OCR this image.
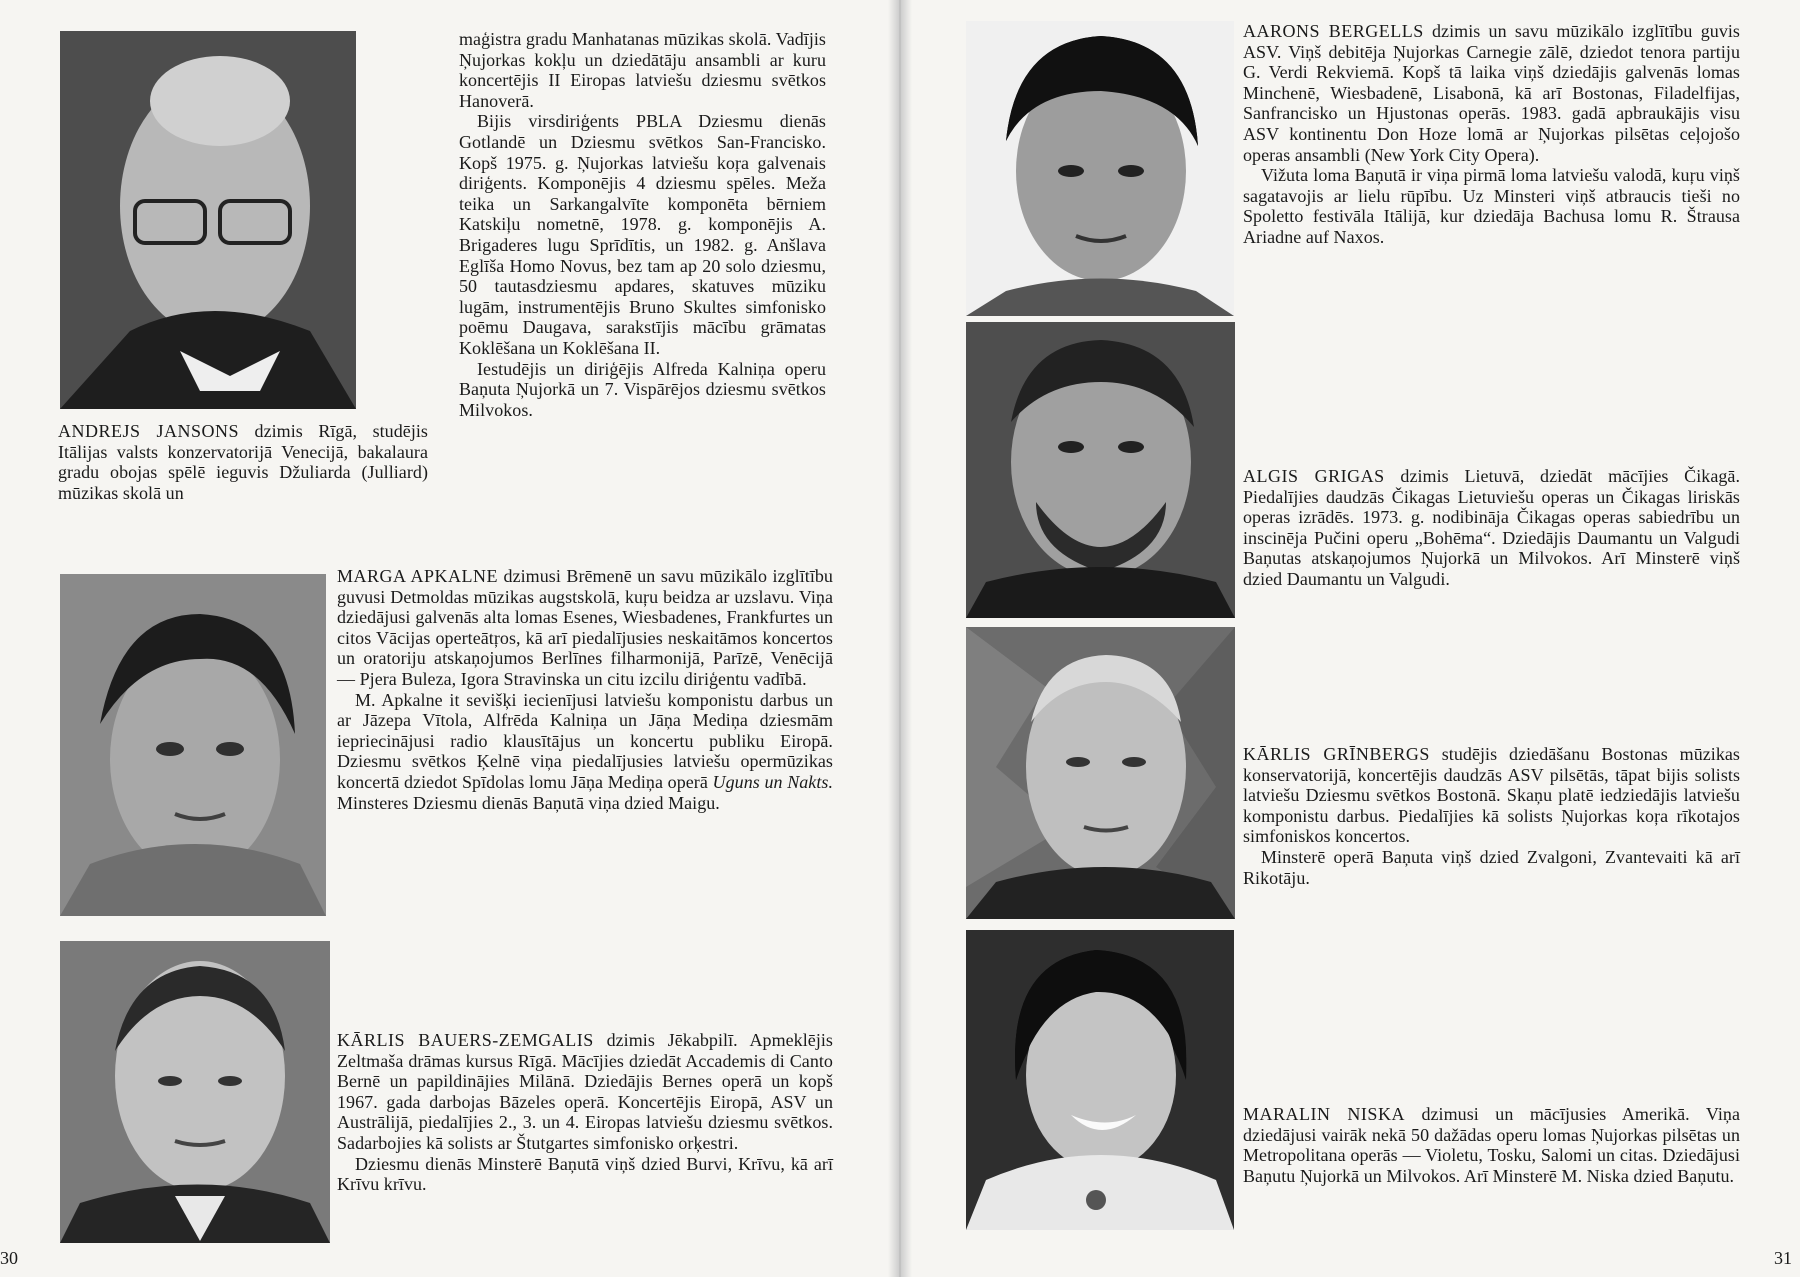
ANDREJS JANSONS dzimis Rīgā, studējis Itālijas valsts konzervatorijā Venecijā, bakalaura gradu obojas spēlē ieguvis Džuliarda (Julliard) mūzikas skolā un

maģistra gradu Manhatanas mūzikas skolā. Vadījis Ņujorkas kokļu un dziedātāju ansambli ar kuru koncertējis II Eiropas latviešu dziesmu svētkos Hanoverā.

Bijis virsdiriģents PBLA Dziesmu dienās Gotlandē un Dziesmu svētkos San-Francisko. Kopš 1975. g. Ņujorkas latviešu koŗa galvenais diriģents. Komponējis 4 dziesmu spēles. Meža teika un Sarkangalvīte komponēta bērniem Katskiļu nometnē, 1978. g. komponējis A. Brigaderes lugu Sprīdītis, un 1982. g. Anšlava Eglīša Homo Novus, bez tam ap 20 solo dziesmu, 50 tautasdziesmu apdares, skatuves mūziku lugām, instrumentējis Bruno Skultes simfonisko poēmu Daugava, sarakstījis mācību grāmatas Koklēšana un Koklēšana II.

Iestudējis un diriģējis Alfreda Kalniņa operu Baņuta Ņujorkā un 7. Vispārējos dziesmu svētkos Milvokos.

MARGA APKALNE dzimusi Brēmenē un savu mūzikālo izglītību guvusi Detmoldas mūzikas augstskolā, kuŗu beidza ar uzslavu. Viņa dziedājusi galvenās alta lomas Esenes, Wiesbadenes, Frankfurtes un citos Vācijas operteātŗos, kā arī piedalījusies neskaitāmos koncertos un oratoriju atskaņojumos Berlīnes filharmonijā, Parīzē, Venēcijā — Pjera Buleza, Igora Stravinska un citu izcilu diriģentu vadībā.

M. Apkalne it sevišķi iecienījusi latviešu komponistu darbus un ar Jāzepa Vītola, Alfrēda Kalniņa un Jāņa Mediņa dziesmām iepriecinājusi radio klausītājus un koncertu publiku Eiropā. Dziesmu svētkos Ķelnē viņa piedalījusies latviešu opermūzikas koncertā dziedot Spīdolas lomu Jāņa Mediņa operā Uguns un Nakts. Minsteres Dziesmu dienās Baņutā viņa dzied Maigu.

KĀRLIS BAUERS-ZEMGALIS dzimis Jēkabpilī. Apmeklējis Zeltmaša drāmas kursus Rīgā. Mācījies dziedāt Accademis di Canto Bernē un papildinājies Milānā. Dziedājis Bernes operā un kopš 1967. gada darbojas Bāzeles operā. Koncertējis Eiropā, ASV un Austrālijā, piedalījies 2., 3. un 4. Eiropas latviešu dziesmu svētkos. Sadarbojies kā solists ar Štutgartes simfonisko orķestri.

Dziesmu dienās Minsterē Baņutā viņš dzied Burvi, Krīvu, kā arī Krīvu krīvu.

30

AARONS BERGELLS dzimis un savu mūzikālo izglītību guvis ASV. Viņš debitēja Ņujorkas Carnegie zālē, dziedot tenora partiju G. Verdi Rekviemā. Kopš tā laika viņš dziedājis galvenās lomas Minchenē, Wiesbadenē, Lisabonā, kā arī Bostonas, Filadelfijas, Sanfrancisko un Hjustonas operās. 1983. gadā apbraukājis visu ASV kontinentu Don Hoze lomā ar Ņujorkas pilsētas ceļojošo operas ansambli (New York City Opera).

Vižuta loma Baņutā ir viņa pirmā loma latviešu valodā, kuŗu viņš sagatavojis ar lielu rūpību. Uz Minsteri viņš atbraucis tieši no Spoletto festivāla Itālijā, kur dziedāja Bachusa lomu R. Štrausa Ariadne auf Naxos.

ALGIS GRIGAS dzimis Lietuvā, dziedāt mācījies Čikagā. Piedalījies daudzās Čikagas Lietuviešu operas un Čikagas liriskās operas izrādēs. 1973. g. nodibināja Čikagas operas sabiedrību un inscinēja Pučini operu „Bohēma“. Dziedājis Daumantu un Valgudi Baņutas atskaņojumos Ņujorkā un Milvokos. Arī Minsterē viņš dzied Daumantu un Valgudi.

KĀRLIS GRĪNBERGS studējis dziedāšanu Bostonas mūzikas konservatorijā, koncertējis daudzās ASV pilsētās, tāpat bijis solists latviešu Dziesmu svētkos Bostonā. Skaņu platē iedziedājis latviešu komponistu darbus. Piedalījies kā solists Ņujorkas koŗa rīkotajos simfoniskos koncertos.

Minsterē operā Baņuta viņš dzied Zvalgoni, Zvantevaiti kā arī Rikotāju.

MARALIN NISKA dzimusi un mācījusies Amerikā. Viņa dziedājusi vairāk nekā 50 dažādas operu lomas Ņujorkas pilsētas un Metropolitana operās — Violetu, Tosku, Salomi un citas. Dziedājusi Baņutu Ņujorkā un Milvokos. Arī Minsterē M. Niska dzied Baņutu.

31
